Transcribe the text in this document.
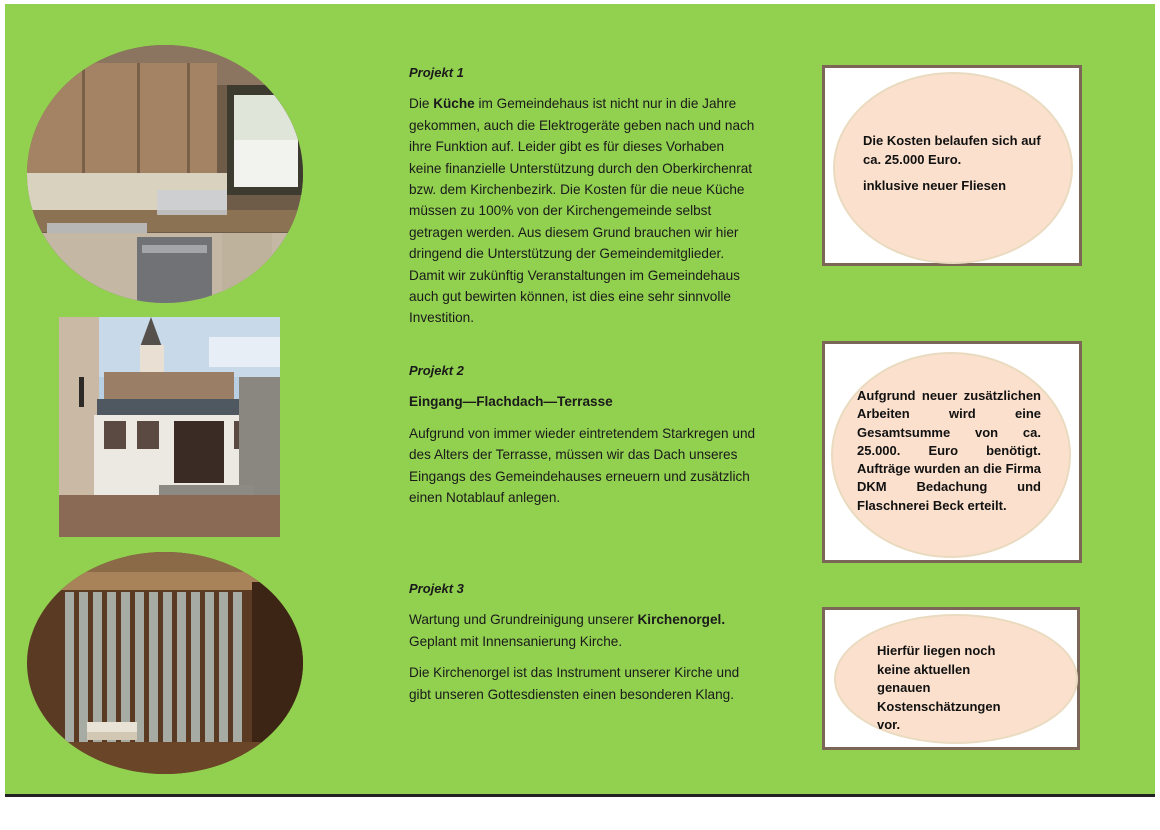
Projekt 1

Die Küche im Gemeindehaus ist nicht nur in die Jahre gekommen, auch die Elektrogeräte geben nach und nach ihre Funktion auf. Leider gibt es für dieses Vorhaben keine finanzielle Unterstützung durch den Oberkirchenrat bzw. dem Kirchenbezirk. Die Kosten für die neue Küche müssen zu 100% von der Kirchengemeinde selbst getragen werden. Aus diesem Grund brauchen wir hier dringend die Unterstützung der Gemeindemitglieder. Damit wir zukünftig Veranstaltungen im Gemeindehaus auch gut bewirten können, ist dies eine sehr sinnvolle Investition.

Projekt 2

Eingang—Flachdach—Terrasse

Aufgrund von immer wieder eintretendem Starkregen und des Alters der Terrasse, müssen wir das Dach unseres Eingangs des Gemeindehauses erneuern und zusätzlich einen Notablauf anlegen.

Projekt 3

Wartung und Grundreinigung unserer Kirchenorgel. Geplant mit Innensanierung Kirche.

Die Kirchenorgel ist das Instrument unserer Kirche und gibt unseren Gottesdiensten einen besonderen Klang.

Die Kosten belaufen sich auf ca. 25.000 Euro.

inklusive neuer Fliesen

Aufgrund neuer zusätzlichen Arbeiten wird eine Gesamtsumme von ca. 25.000. Euro benötigt. Aufträge wurden an die Firma DKM Bedachung und Flaschnerei Beck erteilt.

Hierfür liegen noch keine aktuellen genauen Kostenschätzungen vor.
